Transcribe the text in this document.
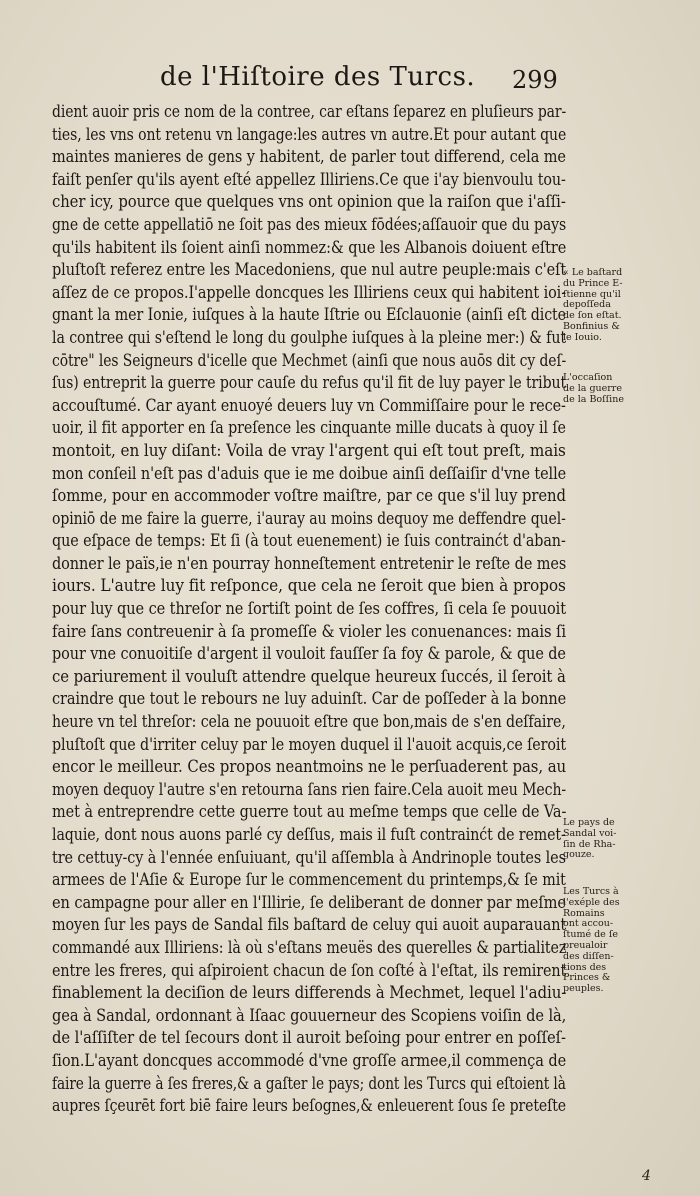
de l'Hiſtoire des Turcs.	299
dient auoir pris ce nom de la contree, car eſtans ſeparez en pluſieurs par-
ties, les vns ont retenu vn langage:les autres vn autre.Et pour autant que
maintes manieres de gens y habitent, de parler tout differend, cela me
faiſt penſer qu'ils ayent eſté appellez Illiriens.Ce que i'ay bienvoulu tou-
cher icy, pource que quelques vns ont opinion que la raiſon que i'aſſi-
gne de cette appellatiō ne ſoit pas des mieux fōdées;aſſauoir que du pays
qu'ils habitent ils ſoient ainſi nommez:& que les Albanois doiuent eſtre
pluſtoſt referez entre les Macedoniens, que nul autre peuple:mais c'eſt
aſſez de ce propos.I'appelle doncques les Illiriens ceux qui habitent ioi-
gnant la mer Ionie, iuſques à la haute Iſtrie ou Eſclauonie (ainſi eſt dicte
la contree qui s'eſtend le long du goulphe iuſques à la pleine mer:) & fut
cōtre" les Seigneurs d'icelle que Mechmet (ainſi que nous auōs dit cy deſ-
ſus) entreprit la guerre pour cauſe du refus qu'il fit de luy payer le tribut
accouſtumé. Car ayant enuoyé deuers luy vn Commiſſaire pour le rece-
uoir, il fit apporter en ſa preſence les cinquante mille ducats à quoy il ſe
montoit, en luy diſant: Voila de vray l'argent qui eſt tout preſt, mais
mon conſeil n'eſt pas d'aduis que ie me doibue ainſi deſſaiſir d'vne telle
ſomme, pour en accommoder voſtre maiſtre, par ce que s'il luy prend
opiniō de me faire la guerre, i'auray au moins dequoy me deffendre quel-
que eſpace de temps: Et ſi (à tout euenement) ie ſuis contrainćt d'aban-
donner le païs,ie n'en pourray honneſtement entretenir le reſte de mes
iours. L'autre luy fit reſponce, que cela ne ſeroit que bien à propos
pour luy que ce threſor ne ſortiſt point de ſes coffres, ſi cela ſe pouuoit
faire ſans contreuenir à ſa promeſſe & violer les conuenances: mais ſi
pour vne conuoitiſe d'argent il vouloit fauſſer ſa foy & parole, & que de
ce pariurement il vouluſt attendre quelque heureux ſuccés, il ſeroit à
craindre que tout le rebours ne luy aduinſt. Car de poſſeder à la bonne
heure vn tel threſor: cela ne pouuoit eſtre que bon,mais de s'en deſfaire,
pluſtoſt que d'irriter celuy par le moyen duquel il l'auoit acquis,ce ſeroit
encor le meilleur. Ces propos neantmoins ne le perſuaderent pas, au
moyen dequoy l'autre s'en retourna ſans rien faire.Cela auoit meu Mech-
met à entreprendre cette guerre tout au meſme temps que celle de Va-
laquie, dont nous auons parlé cy deſſus, mais il fuſt contrainćt de remet-
tre cettuy-cy à l'ennée enſuiuant, qu'il aſſembla à Andrinople toutes les
armees de l'Aſie & Europe ſur le commencement du printemps,& ſe mit
en campagne pour aller en l'Illirie, ſe deliberant de donner par meſme
moyen ſur les pays de Sandal fils baſtard de celuy qui auoit auparauant
commandé aux Illiriens: là où s'eſtans meuës des querelles & partialitez
entre les freres, qui aſpiroient chacun de ſon coſté à l'eſtat, ils remirent
finablement la deciſion de leurs differends à Mechmet, lequel l'adiu-
gea à Sandal, ordonnant à Iſaac gouuerneur des Scopiens voiſin de là,
de l'aſſiſter de tel ſecours dont il auroit beſoing pour entrer en poſſeſ-
ſion.L'ayant doncques accommodé d'vne groſſe armee,il commença de
faire la guerre à ſes freres,& a gaſter le pays; dont les Turcs qui eſtoient là
aupres ſçeurēt fort biē faire leurs beſognes,& enleuerent ſous ſe preteſte
« Le baſtard
du Prince E-
ſtienne qu'il
depoſſeda
de ſon eſtat.
Bonfinius &
le Iouio.
L'occaſion
de la guerre
de la Boſſine
Le pays de
Sandal voi-
ſin de Rha-
gouze.
Les Turcs à
l'exéple des
Romains
ont accou-
ſtumé de ſe
preualoir
des diſſen-
tions des
Princes &
peuples.
4
